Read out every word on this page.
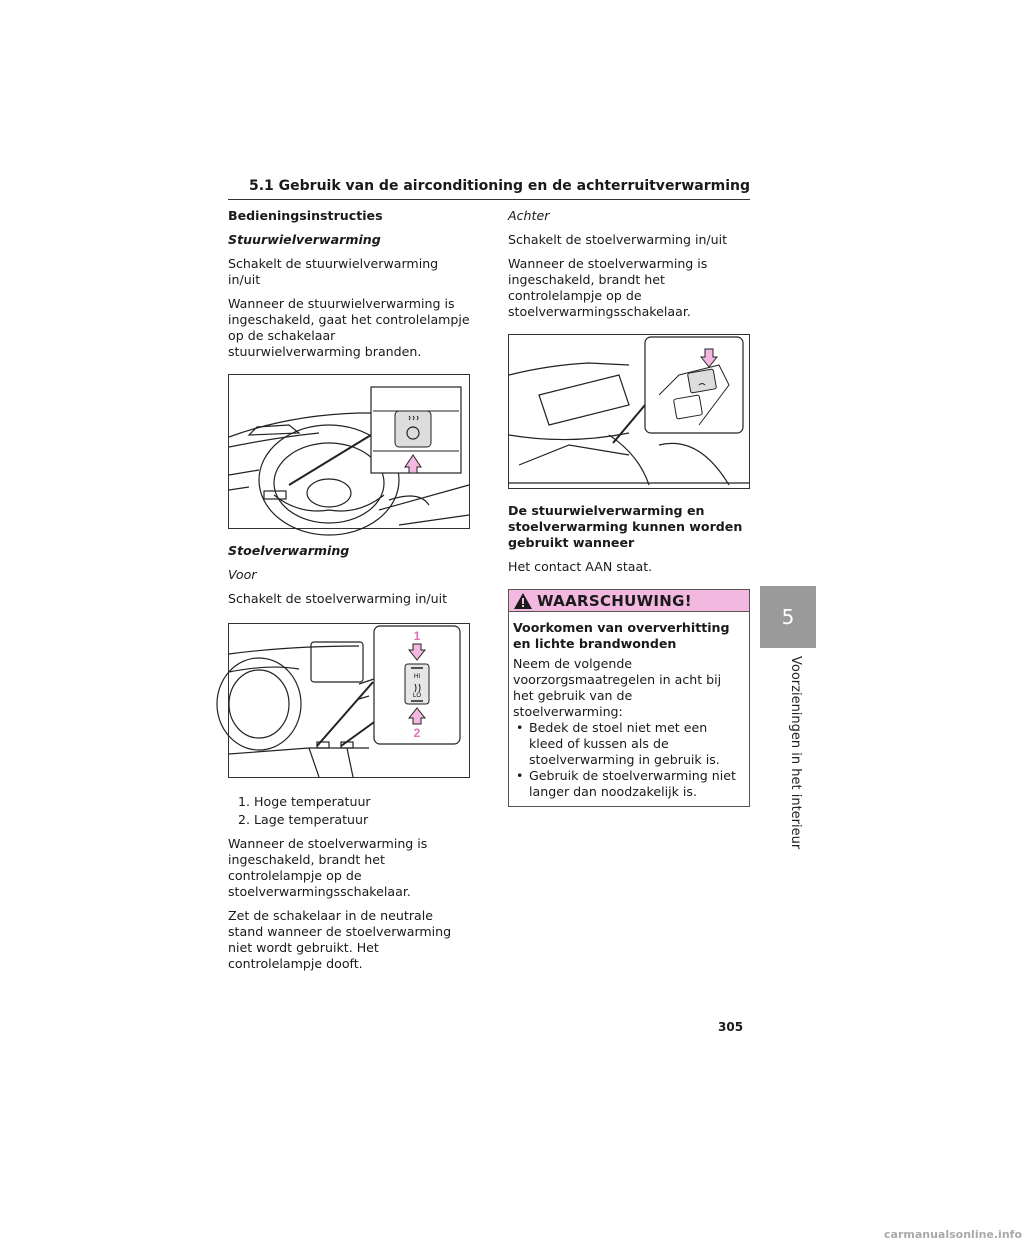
5.1 Gebruik van de airconditioning en de achterruitverwarming
Bedieningsinstructies
Stuurwielverwarming
Schakelt de stuurwielverwarming in/uit
Wanneer de stuurwielverwarming is ingeschakeld, gaat het controlelampje op de schakelaar stuurwielverwarming branden.
Stoelverwarming
Voor
Schakelt de stoelverwarming in/uit
HI
LO
1
2
1. Hoge temperatuur
2. Lage temperatuur
Wanneer de stoelverwarming is ingeschakeld, brandt het controlelampje op de stoelverwarmingsschakelaar.
Zet de schakelaar in de neutrale stand wanneer de stoelverwarming niet wordt gebruikt. Het controlelampje dooft.
Achter
Schakelt de stoelverwarming in/uit
Wanneer de stoelverwarming is ingeschakeld, brandt het controlelampje op de stoelverwarmingsschakelaar.
De stuurwielverwarming en stoelverwarming kunnen worden gebruikt wanneer
Het contact AAN staat.
WAARSCHUWING!
Voorkomen van oververhitting en lichte brandwonden
Neem de volgende voorzorgsmaatregelen in acht bij het gebruik van de stoelverwarming:
• Bedek de stoel niet met een kleed of kussen als de stoelverwarming in gebruik is.
• Gebruik de stoelverwarming niet langer dan noodzakelijk is.
5
Voorzieningen in het interieur
305
carmanualsonline.info
